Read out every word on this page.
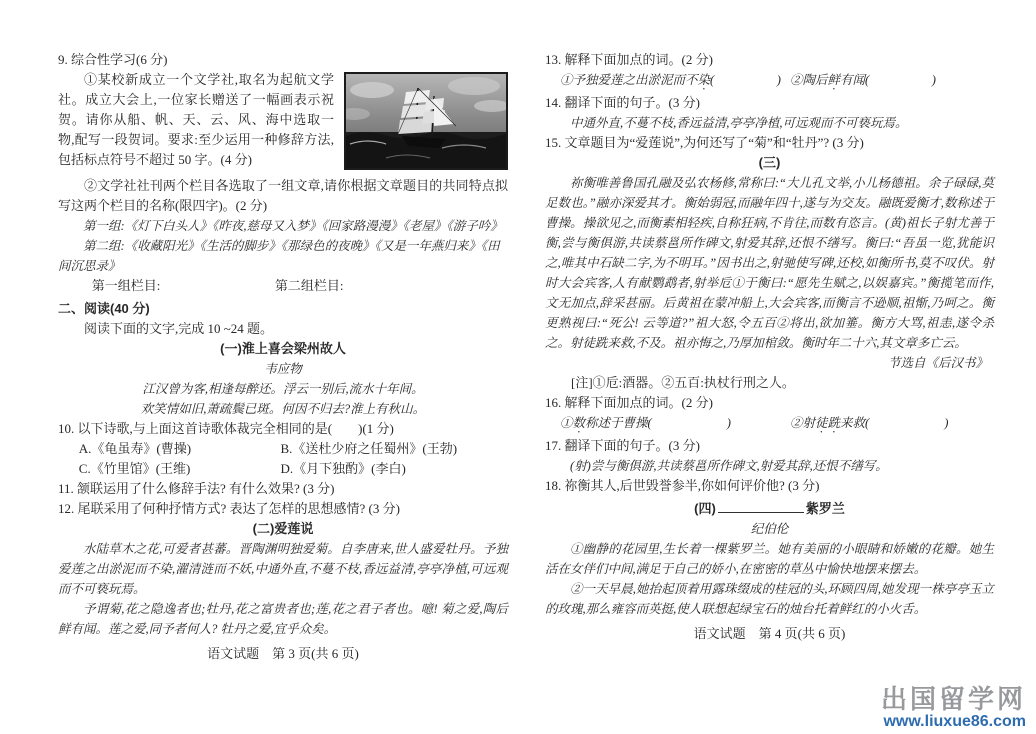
9. 综合性学习(6 分)

①某校新成立一个文学社,取名为起航文学社。成立大会上,一位家长赠送了一幅画表示祝贺。请你从船、帆、天、云、风、海中选取一物,配写一段贺词。要求:至少运用一种修辞方法,包括标点符号不超过 50 字。(4 分)

②文学社社刊两个栏目各选取了一组文章,请你根据文章题目的共同特点拟写这两个栏目的名称(限四字)。(2 分)

第一组:《灯下白头人》《昨夜,慈母又入梦》《回家路漫漫》《老屋》《游子吟》

第二组:《收藏阳光》《生活的脚步》《那绿色的夜晚》《又是一年燕归来》《田间沉思录》

第一组栏目:	第二组栏目:
二、阅读(40 分)

阅读下面的文字,完成 10 ~24 题。

(一)淮上喜会梁州故人
韦应物
江汉曾为客,相逢每醉还。浮云一别后,流水十年间。
欢笑情如旧,萧疏鬓已斑。何因不归去?淮上有秋山。
10. 以下诗歌,与上面这首诗歌体裁完全相同的是(　　)(1 分)
A.《龟虽寿》(曹操)	B.《送杜少府之任蜀州》(王勃)
C.《竹里馆》(王维)	D.《月下独酌》(李白)
11. 颔联运用了什么修辞手法? 有什么效果? (3 分)
12. 尾联采用了何种抒情方式? 表达了怎样的思想感情? (3 分)
(二)爱莲说

水陆草木之花,可爱者甚蕃。晋陶渊明独爱菊。自李唐来,世人盛爱牡丹。予独爱莲之出淤泥而不染,濯清涟而不妖,中通外直,不蔓不枝,香远益清,亭亭净植,可远观而不可亵玩焉。

予谓菊,花之隐逸者也;牡丹,花之富贵者也;莲,花之君子者也。噫! 菊之爱,陶后鲜有闻。莲之爱,同予者何人? 牡丹之爱,宜乎众矣。

语文试题　第 3 页(共 6 页)
13. 解释下面加点的词。(2 分)
①予独爱莲之出淤泥而不染(　　　　　) ②陶后鲜有闻(　　　　　)
14. 翻译下面的句子。(3 分)

中通外直,不蔓不枝,香远益清,亭亭净植,可远观而不可亵玩焉。

15. 文章题目为“爱莲说”,为何还写了“菊”和“牡丹”? (3 分)
(三)

祢衡唯善鲁国孔融及弘农杨修,常称曰:“大儿孔文举,小儿杨德祖。余子碌碌,莫足数也。”融亦深爱其才。衡始弱冠,而融年四十,遂与为交友。融既爱衡才,数称述于曹操。操欲见之,而衡素相轻疾,自称狂病,不肯往,而数有恣言。(黄)祖长子射尤善于衡,尝与衡俱游,共读蔡邕所作碑文,射爱其辞,还恨不缮写。衡曰:“吾虽一览,犹能识之,唯其中石缺二字,为不明耳。”因书出之,射驰使写碑,还校,如衡所书,莫不叹伏。射时大会宾客,人有献鹦鹉者,射举卮①于衡曰:“愿先生赋之,以娱嘉宾。”衡揽笔而作,文无加点,辞采甚丽。后黄祖在蒙冲船上,大会宾客,而衡言不逊顺,祖惭,乃呵之。衡更熟视曰:“死公! 云等道?”祖大怒,令五百②将出,欲加箠。衡方大骂,祖恚,遂令杀之。射徒跣来救,不及。祖亦悔之,乃厚加棺敛。衡时年二十六,其文章多亡云。

节选自《后汉书》
[注]①卮:酒器。②五百:执杖行刑之人。
16. 解释下面加点的词。(2 分)
①数称述于曹操(　　　　　　)	②射徒跣来救(　　　　　　)
17. 翻译下面的句子。(3 分)

(射)尝与衡俱游,共读蔡邕所作碑文,射爱其辞,还恨不缮写。

18. 祢衡其人,后世毁誉参半,你如何评价他? (3 分)
(四)	紫罗兰
纪伯伦

①幽静的花园里,生长着一棵紫罗兰。她有美丽的小眼睛和娇嫩的花瓣。她生活在女伴们中间,满足于自己的娇小,在密密的草丛中愉快地摆来摆去。

②一天早晨,她抬起顶着用露珠缀成的桂冠的头,环顾四周,她发现一株亭亭玉立的玫瑰,那么雍容而英挺,使人联想起绿宝石的烛台托着鲜红的小火舌。

语文试题　第 4 页(共 6 页)
出国留学网
www.liuxue86.com
